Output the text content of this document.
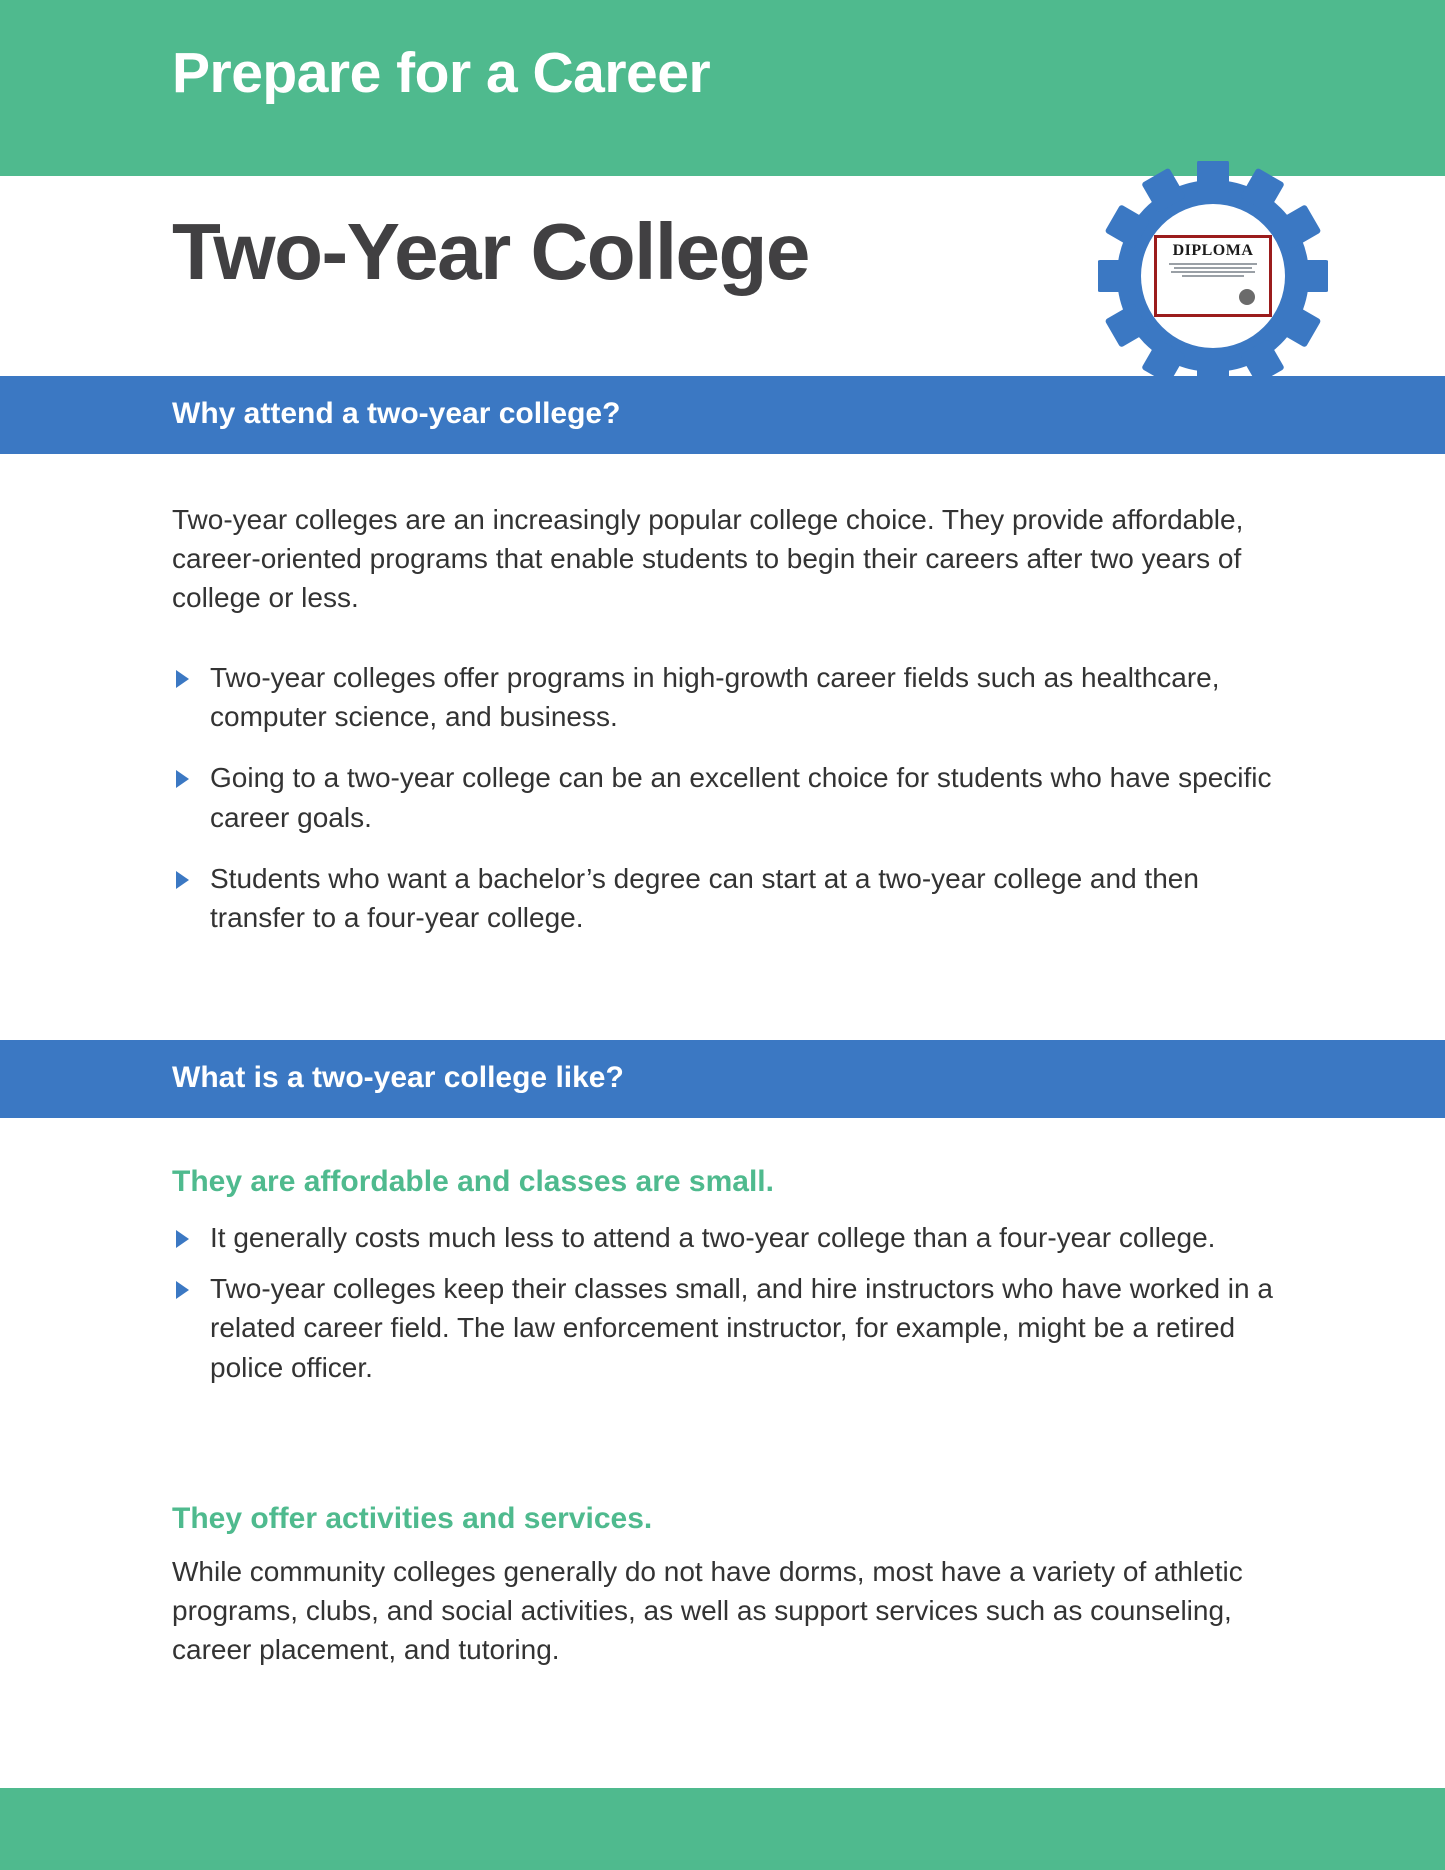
Prepare for a Career
Two-Year College	DIPLOMA
Why attend a two-year college?
Two-year colleges are an increasingly popular college choice. They provide affordable, career-oriented programs that enable students to begin their careers after two years of college or less.
Two-year colleges offer programs in high-growth career fields such as healthcare, computer science, and business.
Going to a two-year college can be an excellent choice for students who have specific career goals.
Students who want a bachelor’s degree can start at a two-year college and then transfer to a four-year college.
What is a two-year college like?
They are affordable and classes are small.
It generally costs much less to attend a two-year college than a four-year college.
Two-year colleges keep their classes small, and hire instructors who have worked in a related career field. The law enforcement instructor, for example, might be a retired police officer.
They offer activities and services.
While community colleges generally do not have dorms, most have a variety of athletic programs, clubs, and social activities, as well as support services such as counseling, career placement, and tutoring.
